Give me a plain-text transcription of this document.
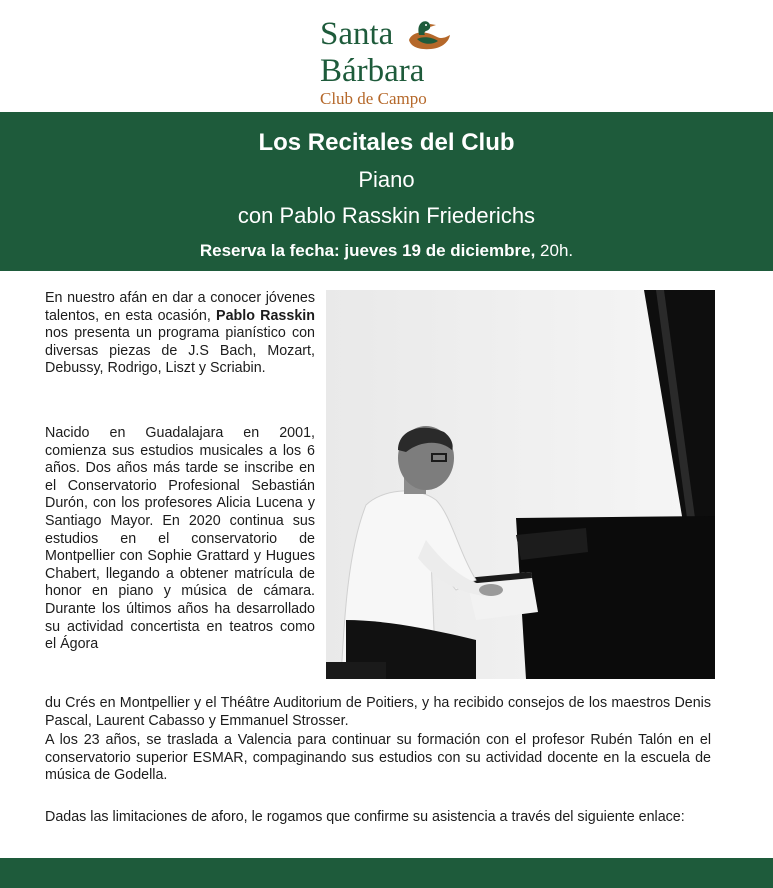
Santa
Bárbara
Club de Campo
Los Recitales del Club
Piano
con Pablo Rasskin Friederichs
Reserva la fecha: jueves 19 de diciembre, 20h.

En nuestro afán en dar a conocer jóvenes talentos, en esta ocasión, Pablo Rasskin nos presenta un programa pianístico con diversas piezas de J.S Bach, Mozart, Debussy, Rodrigo, Liszt y Scriabin.

Nacido en Guadalajara en 2001, comienza sus estudios musicales a los 6 años. Dos años más tarde se inscribe en el Conservatorio Profesional Sebastián Durón, con los profesores Alicia Lucena y Santiago Mayor. En 2020 continua sus estudios en el conservatorio de Montpellier con Sophie Grattard y Hugues Chabert, llegando a obtener matrícula de honor en piano y música de cámara. Durante los últimos años ha desarrollado su actividad concertista en teatros como el Ágora

du Crés en Montpellier y el Théâtre Auditorium de Poitiers, y ha recibido consejos de los maestros Denis Pascal, Laurent Cabasso y Emmanuel Strosser.

A los 23 años, se traslada a Valencia para continuar su formación con el profesor Rubén Talón en el conservatorio superior ESMAR, compaginando sus estudios con su actividad docente en la escuela de música de Godella.

Dadas las limitaciones de aforo, le rogamos que confirme su asistencia a través del siguiente enlace:
